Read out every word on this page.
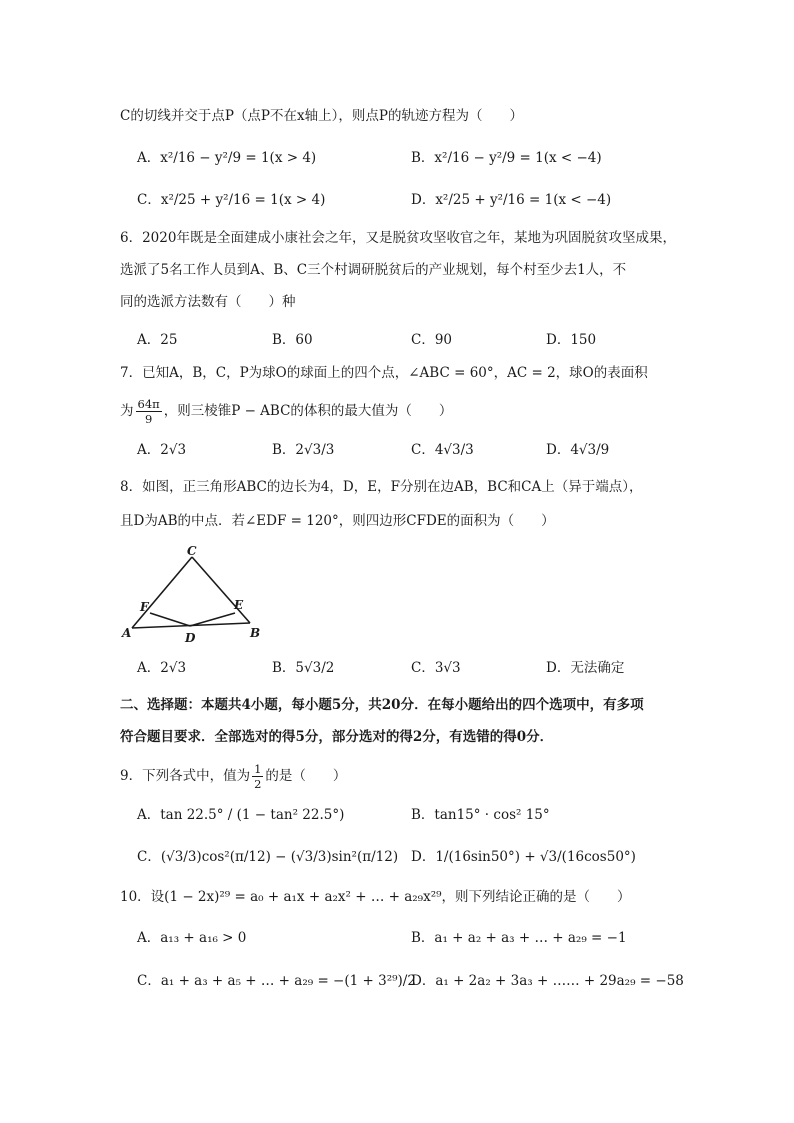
C的切线并交于点P（点P不在x轴上），则点P的轨迹方程为（　　）
A．x²/16 − y²/9 = 1(x > 4)	B．x²/16 − y²/9 = 1(x < −4)
C．x²/25 + y²/16 = 1(x > 4)	D．x²/25 + y²/16 = 1(x < −4)
6．2020年既是全面建成小康社会之年，又是脱贫攻坚收官之年，某地为巩固脱贫攻坚成果，
选派了5名工作人员到A、B、C三个村调研脱贫后的产业规划，每个村至少去1人，不
同的选派方法数有（　　）种
A．25	B．60	C．90	D．150
7．已知A，B，C，P为球O的球面上的四个点，∠ABC = 60°，AC = 2，球O的表面积
为 $\frac{64\pi}{9}$ ，则三棱锥P − ABC的体积的最大值为（　　）
A．2√3	B．2√3/3	C．4√3/3	D．4√3/9
8．如图，正三角形ABC的边长为4，D，E，F分别在边AB，BC和CA上（异于端点），
且D为AB的中点．若∠EDF = 120°，则四边形CFDE的面积为（　　）
C
F	E
A	D	B
A．2√3	B．5√3/2	C．3√3	D．无法确定
二、选择题：本题共4小题，每小题5分，共20分．在每小题给出的四个选项中，有多项
符合题目要求．全部选对的得5分，部分选对的得2分，有选错的得0分．
9．下列各式中，值为 $\frac{1}{2}$ 的是（　　）
A．tan 22.5° / (1 − tan² 22.5°)	B．tan15° · cos² 15°
C．(√3/3)cos²(π/12) − (√3/3)sin²(π/12) D．1/(16sin50°) + √3/(16cos50°)
10．设(1 − 2x)²⁹ = a₀ + a₁x + a₂x² + … + a₂₉x²⁹，则下列结论正确的是（　　）
A．a₁₃ + a₁₆ > 0	B．a₁ + a₂ + a₃ + … + a₂₉ = −1
C．a₁ + a₃ + a₅ + … + a₂₉ = −(1 + 3²⁹)/2
D．a₁ + 2a₂ + 3a₃ + …… + 29a₂₉ = −58
